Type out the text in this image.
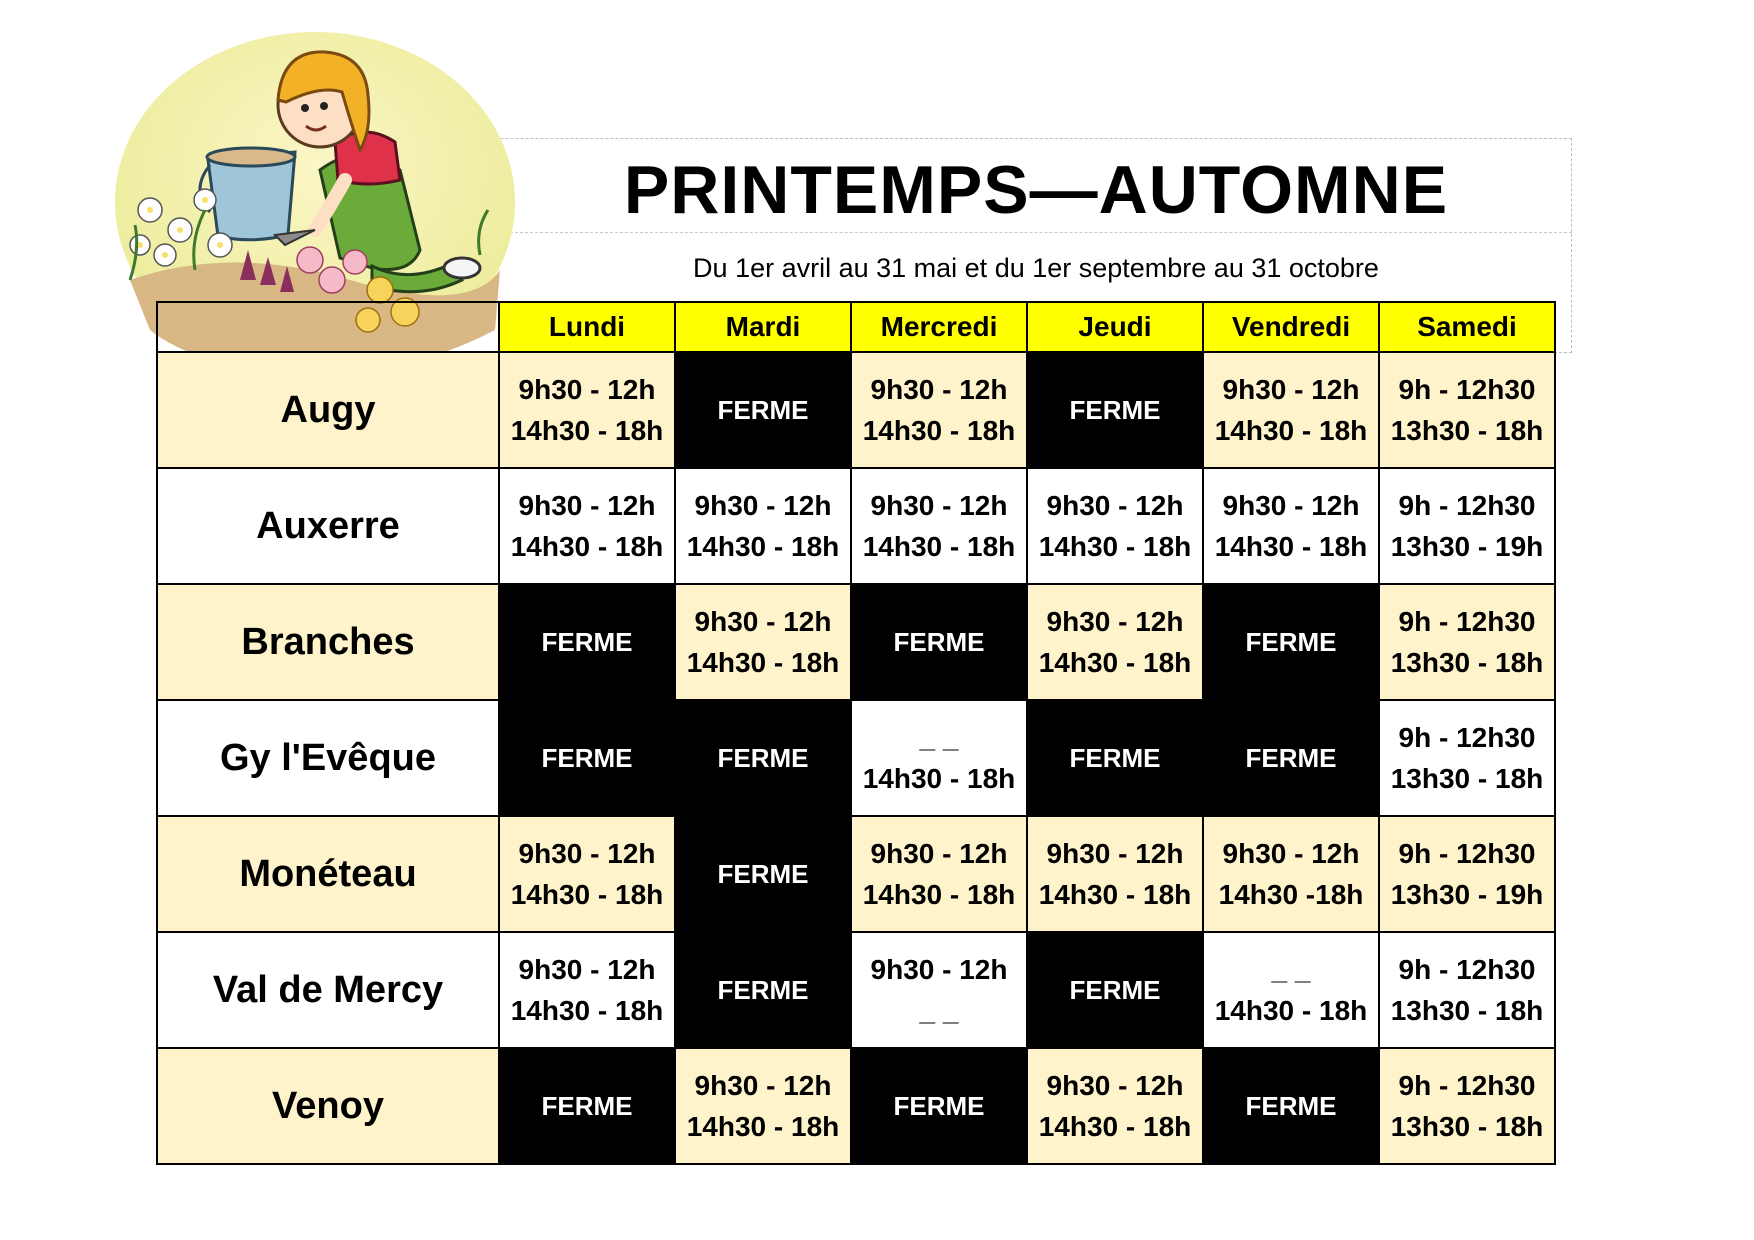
PRINTEMPS—AUTOMNE
Du 1er avril au 31 mai et du 1er septembre au 31 octobre
	Lundi	Mardi	Mercredi	Jeudi	Vendredi	Samedi
Augy	9h30 - 12h
14h30 - 18h	FERME	9h30 - 12h
14h30 - 18h	FERME	9h30 - 12h
14h30 - 18h	9h - 12h30
13h30 - 18h

Auxerre	9h30 - 12h
14h30 - 18h	9h30 - 12h
14h30 - 18h	9h30 - 12h
14h30 - 18h	9h30 - 12h
14h30 - 18h	9h30 - 12h
14h30 - 18h	9h - 12h30
13h30 - 19h

Branches	FERME	9h30 - 12h
14h30 - 18h	FERME	9h30 - 12h
14h30 - 18h	FERME	9h - 12h30
13h30 - 18h

Gy l'Evêque	FERME	FERME	_ _
14h30 - 18h	FERME	FERME	9h - 12h30
13h30 - 18h

Monéteau	9h30 - 12h
14h30 - 18h	FERME	9h30 - 12h
14h30 - 18h	9h30 - 12h
14h30 - 18h	9h30 - 12h
14h30 -18h	9h - 12h30
13h30 - 19h

Val de Mercy	9h30 - 12h
14h30 - 18h	FERME	9h30 - 12h
_ _	FERME	_ _
14h30 - 18h	9h - 12h30
13h30 - 18h

Venoy	FERME	9h30 - 12h
14h30 - 18h	FERME	9h30 - 12h
14h30 - 18h	FERME	9h - 12h30
13h30 - 18h
